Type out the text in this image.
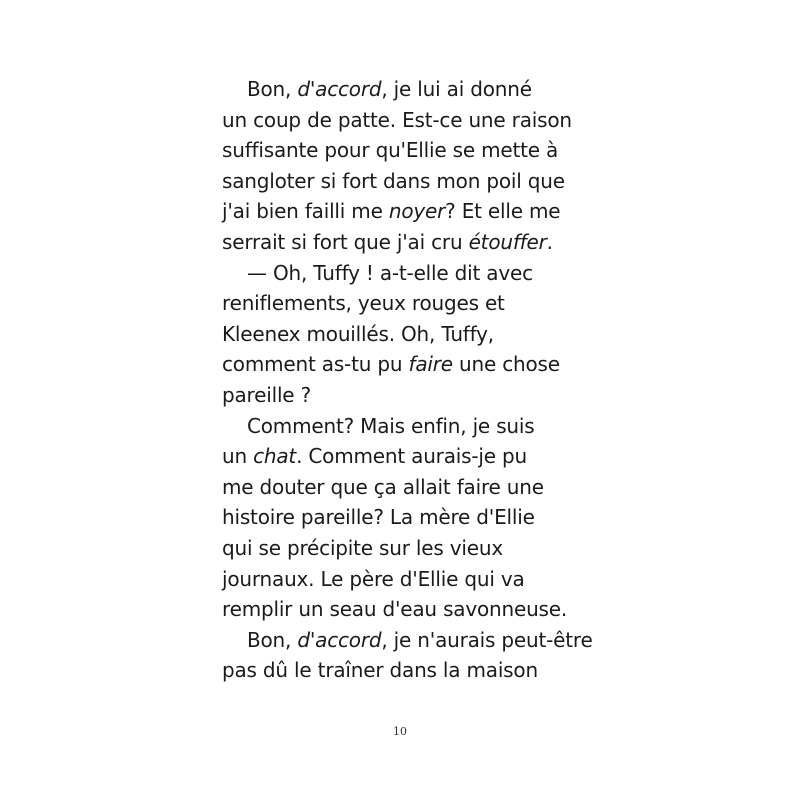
Bon, d'accord, je lui ai donné
un coup de patte. Est-ce une raison
suffisante pour qu'Ellie se mette à
sangloter si fort dans mon poil que
j'ai bien failli me noyer? Et elle me
serrait si fort que j'ai cru étouffer.

— Oh, Tuffy ! a-t-elle dit avec
reniflements, yeux rouges et
Kleenex mouillés. Oh, Tuffy,
comment as-tu pu faire une chose
pareille ?

Comment? Mais enfin, je suis
un chat. Comment aurais-je pu
me douter que ça allait faire une
histoire pareille? La mère d'Ellie
qui se précipite sur les vieux
journaux. Le père d'Ellie qui va
remplir un seau d'eau savonneuse.

Bon, d'accord, je n'aurais peut-être
pas dû le traîner dans la maison

10
